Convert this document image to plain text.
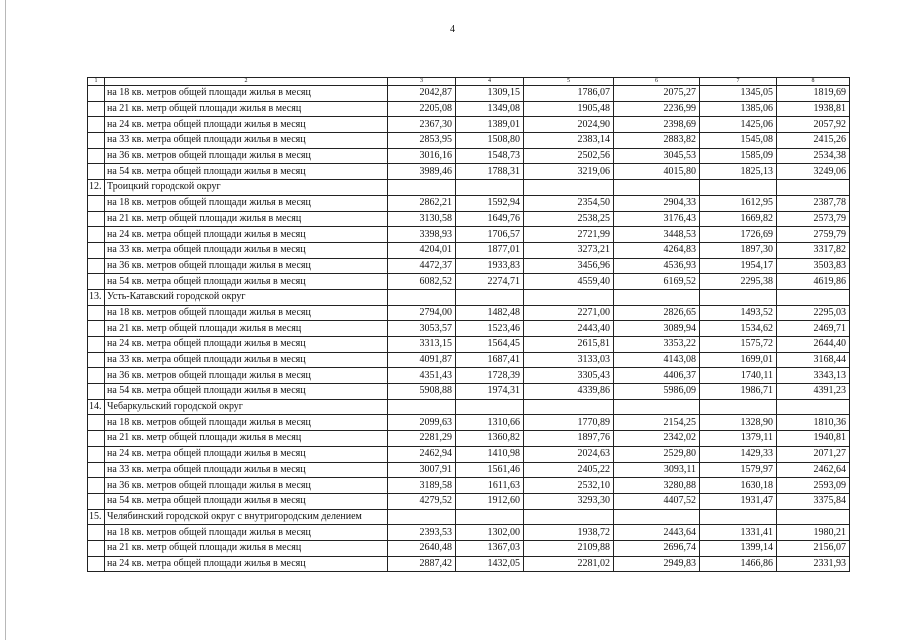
4
1	2	3	4	5	6	7	8
	на 18 кв. метров общей площади жилья в месяц	2042,87	1309,15	1786,07	2075,27	1345,05	1819,69
	на 21 кв. метр общей площади жилья в месяц	2205,08	1349,08	1905,48	2236,99	1385,06	1938,81
	на 24 кв. метра общей площади жилья в месяц	2367,30	1389,01	2024,90	2398,69	1425,06	2057,92
	на 33 кв. метра общей площади жилья в месяц	2853,95	1508,80	2383,14	2883,82	1545,08	2415,26
	на 36 кв. метров общей площади жилья в месяц	3016,16	1548,73	2502,56	3045,53	1585,09	2534,38
	на 54 кв. метра общей площади жилья в месяц	3989,46	1788,31	3219,06	4015,80	1825,13	3249,06
12.	Троицкий городской округ						
	на 18 кв. метров общей площади жилья в месяц	2862,21	1592,94	2354,50	2904,33	1612,95	2387,78
	на 21 кв. метр общей площади жилья в месяц	3130,58	1649,76	2538,25	3176,43	1669,82	2573,79
	на 24 кв. метра общей площади жилья в месяц	3398,93	1706,57	2721,99	3448,53	1726,69	2759,79
	на 33 кв. метра общей площади жилья в месяц	4204,01	1877,01	3273,21	4264,83	1897,30	3317,82
	на 36 кв. метров общей площади жилья в месяц	4472,37	1933,83	3456,96	4536,93	1954,17	3503,83
	на 54 кв. метра общей площади жилья в месяц	6082,52	2274,71	4559,40	6169,52	2295,38	4619,86
13.	Усть-Катавский городской округ						
	на 18 кв. метров общей площади жилья в месяц	2794,00	1482,48	2271,00	2826,65	1493,52	2295,03
	на 21 кв. метр общей площади жилья в месяц	3053,57	1523,46	2443,40	3089,94	1534,62	2469,71
	на 24 кв. метра общей площади жилья в месяц	3313,15	1564,45	2615,81	3353,22	1575,72	2644,40
	на 33 кв. метра общей площади жилья в месяц	4091,87	1687,41	3133,03	4143,08	1699,01	3168,44
	на 36 кв. метров общей площади жилья в месяц	4351,43	1728,39	3305,43	4406,37	1740,11	3343,13
	на 54 кв. метра общей площади жилья в месяц	5908,88	1974,31	4339,86	5986,09	1986,71	4391,23
14.	Чебаркульский городской округ						
	на 18 кв. метров общей площади жилья в месяц	2099,63	1310,66	1770,89	2154,25	1328,90	1810,36
	на 21 кв. метр общей площади жилья в месяц	2281,29	1360,82	1897,76	2342,02	1379,11	1940,81
	на 24 кв. метра общей площади жилья в месяц	2462,94	1410,98	2024,63	2529,80	1429,33	2071,27
	на 33 кв. метра общей площади жилья в месяц	3007,91	1561,46	2405,22	3093,11	1579,97	2462,64
	на 36 кв. метров общей площади жилья в месяц	3189,58	1611,63	2532,10	3280,88	1630,18	2593,09
	на 54 кв. метра общей площади жилья в месяц	4279,52	1912,60	3293,30	4407,52	1931,47	3375,84
15.	Челябинский городской округ с внутригородским делением						
	на 18 кв. метров общей площади жилья в месяц	2393,53	1302,00	1938,72	2443,64	1331,41	1980,21
	на 21 кв. метр общей площади жилья в месяц	2640,48	1367,03	2109,88	2696,74	1399,14	2156,07
	на 24 кв. метра общей площади жилья в месяц	2887,42	1432,05	2281,02	2949,83	1466,86	2331,93
